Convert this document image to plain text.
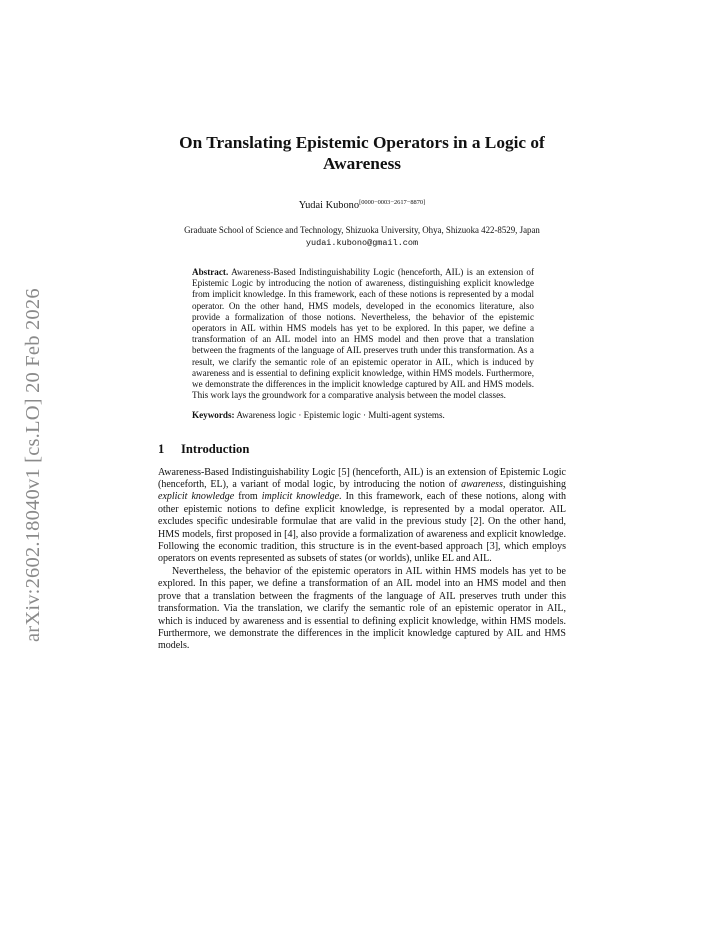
arXiv:2602.18040v1 [cs.LO] 20 Feb 2026
On Translating Epistemic Operators in a Logic of Awareness
Yudai Kubono[0000−0003−2617−8870]
Graduate School of Science and Technology, Shizuoka University, Ohya, Shizuoka 422-8529, Japan yudai.kubono@gmail.com
Abstract. Awareness-Based Indistinguishability Logic (henceforth, AIL) is an extension of Epistemic Logic by introducing the notion of awareness, distinguishing explicit knowledge from implicit knowledge. In this framework, each of these notions is represented by a modal operator. On the other hand, HMS models, developed in the economics literature, also provide a formalization of those notions. Nevertheless, the behavior of the epistemic operators in AIL within HMS models has yet to be explored. In this paper, we define a transformation of an AIL model into an HMS model and then prove that a translation between the fragments of the language of AIL preserves truth under this transformation. As a result, we clarify the semantic role of an epistemic operator in AIL, which is induced by awareness and is essential to defining explicit knowledge, within HMS models. Furthermore, we demonstrate the differences in the implicit knowledge captured by AIL and HMS models. This work lays the groundwork for a comparative analysis between the model classes.
Keywords: Awareness logic · Epistemic logic · Multi-agent systems.
1 Introduction

Awareness-Based Indistinguishability Logic [5] (henceforth, AIL) is an extension of Epistemic Logic (henceforth, EL), a variant of modal logic, by introducing the notion of awareness, distinguishing explicit knowledge from implicit knowledge. In this framework, each of these notions, along with other epistemic notions to define explicit knowledge, is represented by a modal operator. AIL excludes specific undesirable formulae that are valid in the previous study [2]. On the other hand, HMS models, first proposed in [4], also provide a formalization of awareness and explicit knowledge. Following the economic tradition, this structure is in the event-based approach [3], which employs operators on events represented as subsets of states (or worlds), unlike EL and AIL.

Nevertheless, the behavior of the epistemic operators in AIL within HMS models has yet to be explored. In this paper, we define a transformation of an AIL model into an HMS model and then prove that a translation between the fragments of the language of AIL preserves truth under this transformation. Via the translation, we clarify the semantic role of an epistemic operator in AIL, which is induced by awareness and is essential to defining explicit knowledge, within HMS models. Furthermore, we demonstrate the differences in the implicit knowledge captured by AIL and HMS models.
